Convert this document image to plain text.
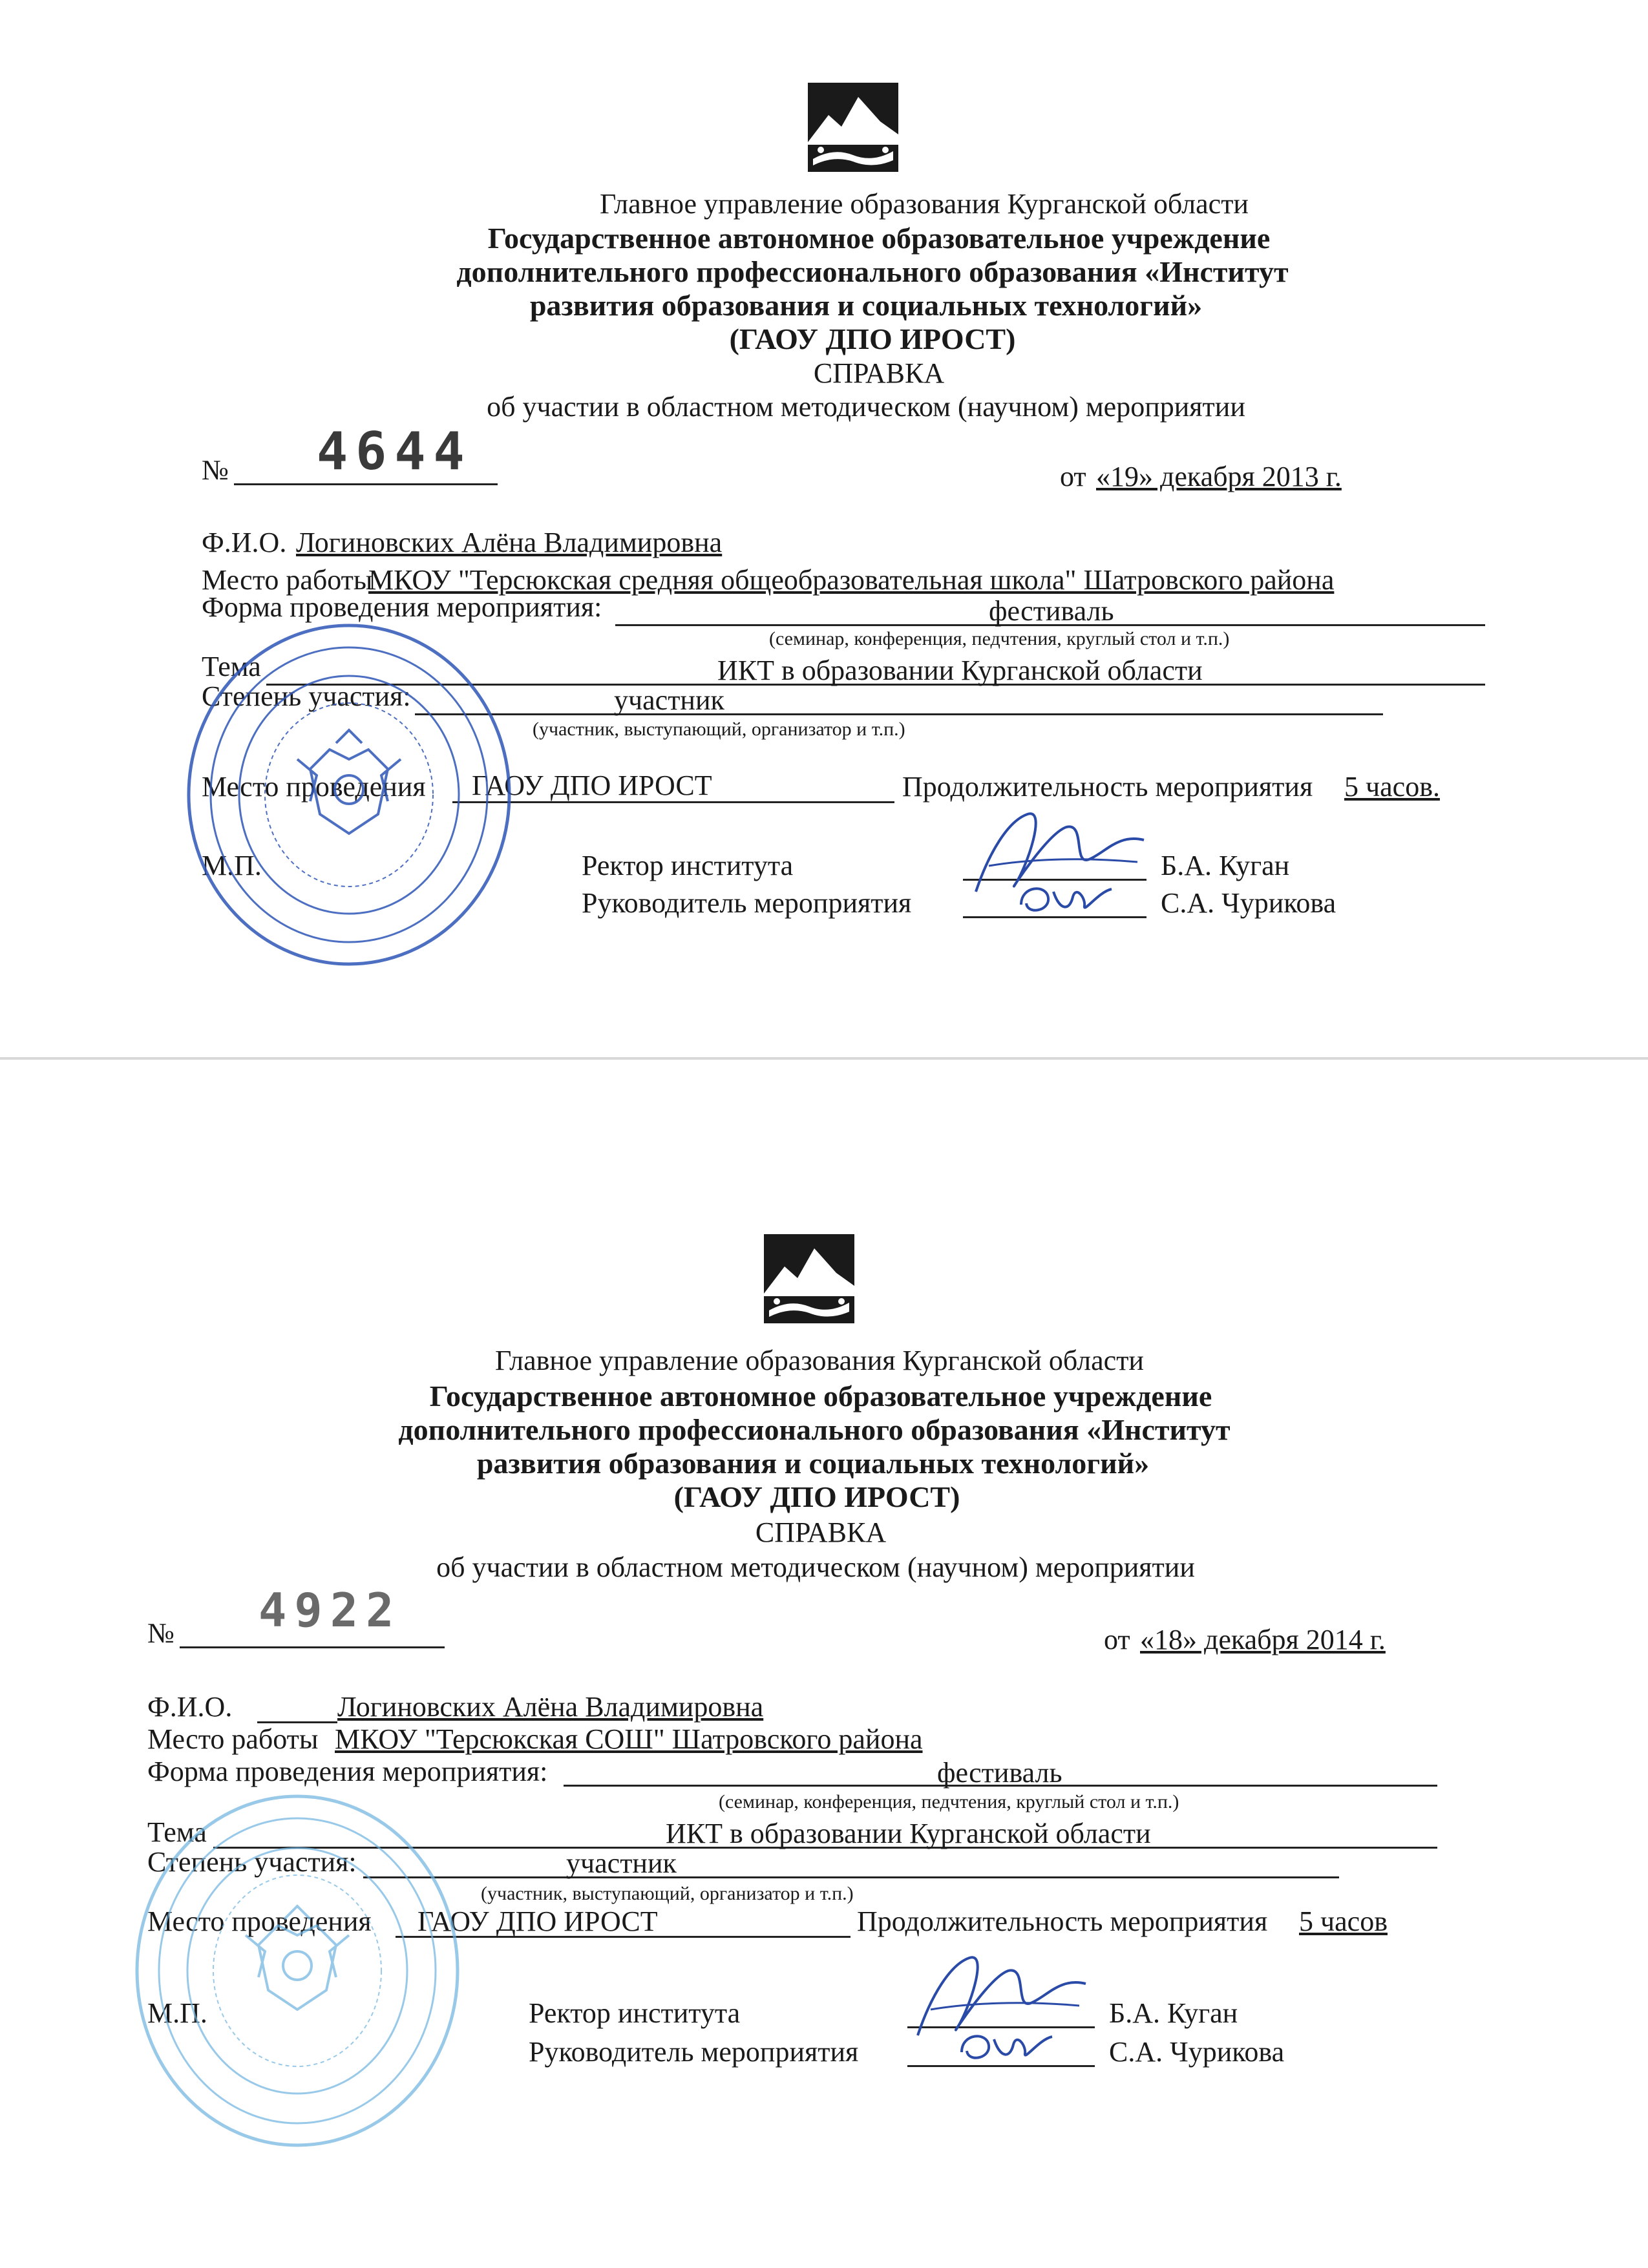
Главное управление образования Курганской области
Государственное автономное образовательное учреждение
дополнительного профессионального образования «Институт
развития образования и социальных технологий»
(ГАОУ ДПО ИРОСТ)
СПРАВКА
об участии в областном методическом (научном) мероприятии
№ 4644	от «19» декабря 2013 г.
Ф.И.О. Логиновских Алёна Владимировна
Место работы
МКОУ "Терсюкская средняя общеобразовательная школа" Шатровского района
Форма проведения мероприятия:	фестиваль
(семинар, конференция, педчтения, круглый стол и т.п.)
Тема	ИКТ в образовании Курганской области
Степень участия:	участник
(участник, выступающий, организатор и т.п.)
Место проведения ГАОУ ДПО ИРОСТ	Продолжительность мероприятия 5 часов.
М.П.	Ректор института	Б.А. Куган
Руководитель мероприятия	С.А. Чурикова
Главное управление образования Курганской области
Государственное автономное образовательное учреждение
дополнительного профессионального образования «Институт
развития образования и социальных технологий»
(ГАОУ ДПО ИРОСТ)
СПРАВКА
об участии в областном методическом (научном) мероприятии
№ 4922
от «18» декабря 2014 г.
Ф.И.О.	Логиновских Алёна Владимировна
Место работы МКОУ "Терсюкская СОШ" Шатровского района
Форма проведения мероприятия:	фестиваль
(семинар, конференция, педчтения, круглый стол и т.п.)
Тема	ИКТ в образовании Курганской области
Степень участия:	участник
(участник, выступающий, организатор и т.п.)
Место проведения ГАОУ ДПО ИРОСТ	Продолжительность мероприятия 5 часов
М.П.	Ректор института	Б.А. Куган
Руководитель мероприятия	С.А. Чурикова
